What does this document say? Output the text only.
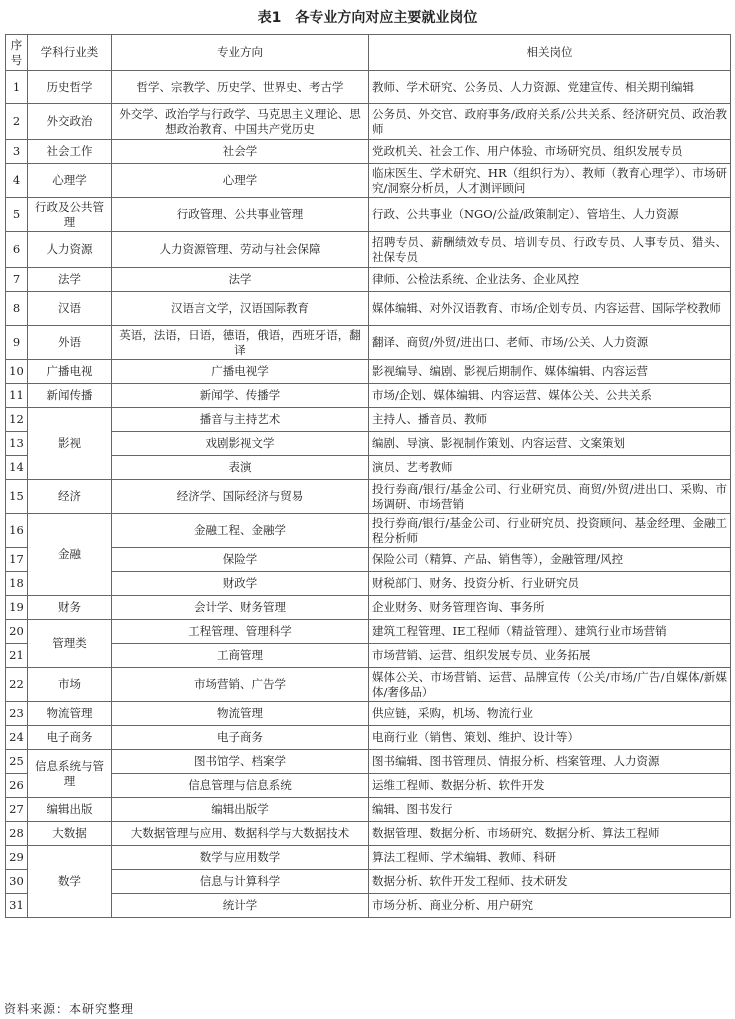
表1　各专业方向对应主要就业岗位
序号	学科行业类	专业方向	相关岗位
1	历史哲学	哲学、宗教学、历史学、世界史、考古学	教师、学术研究、公务员、人力资源、党建宣传、相关期刊编辑
2	外交政治	外交学、政治学与行政学、马克思主义理论、思想政治教育、中国共产党历史	公务员、外交官、政府事务/政府关系/公共关系、经济研究员、政治教师
3	社会工作	社会学	党政机关、社会工作、用户体验、市场研究员、组织发展专员
4	心理学	心理学	临床医生、学术研究、HR（组织行为）、教师（教育心理学）、市场研究/洞察分析员，人才测评顾问
5	行政及公共管理	行政管理、公共事业管理	行政、公共事业（NGO/公益/政策制定）、管培生、人力资源
6	人力资源	人力资源管理、劳动与社会保障	招聘专员、薪酬绩效专员、培训专员、行政专员、人事专员、猎头、社保专员
7	法学	法学	律师、公检法系统、企业法务、企业风控
8	汉语	汉语言文学，汉语国际教育	媒体编辑、对外汉语教育、市场/企划专员、内容运营、国际学校教师
9	外语	英语，法语，日语，德语，俄语，西班牙语，翻译	翻译、商贸/外贸/进出口、老师、市场/公关、人力资源
10	广播电视	广播电视学	影视编导、编剧、影视后期制作、媒体编辑、内容运营
11	新闻传播	新闻学、传播学	市场/企划、媒体编辑、内容运营、媒体公关、公共关系
12	影视	播音与主持艺术	主持人、播音员、教师
13		戏剧影视文学	编剧、导演、影视制作策划、内容运营、文案策划
14		表演	演员、艺考教师
15	经济	经济学、国际经济与贸易	投行券商/银行/基金公司、行业研究员、商贸/外贸/进出口、采购、市场调研、市场营销
16	金融	金融工程、金融学	投行券商/银行/基金公司、行业研究员、投资顾问、基金经理、金融工程分析师
17		保险学	保险公司（精算、产品、销售等），金融管理/风控
18		财政学	财税部门、财务、投资分析、行业研究员
19	财务	会计学、财务管理	企业财务、财务管理咨询、事务所
20	管理类	工程管理、管理科学	建筑工程管理、IE工程师（精益管理）、建筑行业市场营销
21		工商管理	市场营销、运营、组织发展专员、业务拓展
22	市场	市场营销、广告学	媒体公关、市场营销、运营、品牌宣传（公关/市场/广告/自媒体/新媒体/奢侈品）
23	物流管理	物流管理	供应链，采购，机场、物流行业
24	电子商务	电子商务	电商行业（销售、策划、维护、设计等）
25	信息系统与管理	图书馆学、档案学	图书编辑、图书管理员、情报分析、档案管理、人力资源
26		信息管理与信息系统	运维工程师、数据分析、软件开发
27	编辑出版	编辑出版学	编辑、图书发行
28	大数据	大数据管理与应用、数据科学与大数据技术	数据管理、数据分析、市场研究、数据分析、算法工程师
29	数学	数学与应用数学	算法工程师、学术编辑、教师、科研
30		信息与计算科学	数据分析、软件开发工程师、技术研发
31		统计学	市场分析、商业分析、用户研究
资料来源：本研究整理
